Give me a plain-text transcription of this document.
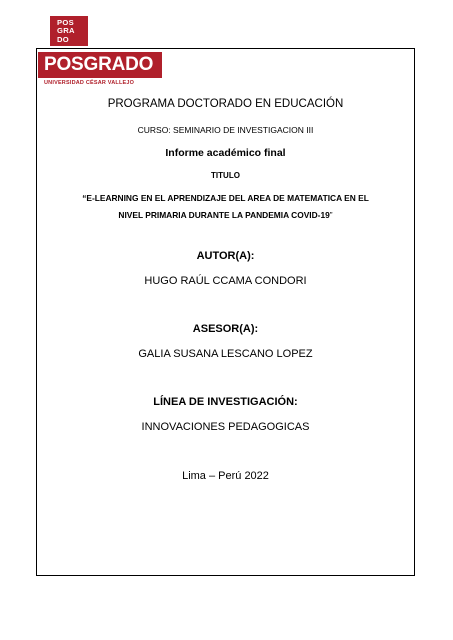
POS
GRA
DO
POSGRADO
UNIVERSIDAD CÉSAR VALLEJO
PROGRAMA DOCTORADO EN EDUCACIÓN
CURSO: SEMINARIO DE INVESTIGACION III
Informe académico final
TITULO
“E-LEARNING EN EL APRENDIZAJE DEL AREA DE MATEMATICA EN EL
NIVEL PRIMARIA DURANTE LA PANDEMIA COVID-19”
AUTOR(A):
HUGO RAÚL CCAMA CONDORI
ASESOR(A):
GALIA SUSANA LESCANO LOPEZ
LÍNEA DE INVESTIGACIÓN:
INNOVACIONES PEDAGOGICAS
Lima – Perú 2022
